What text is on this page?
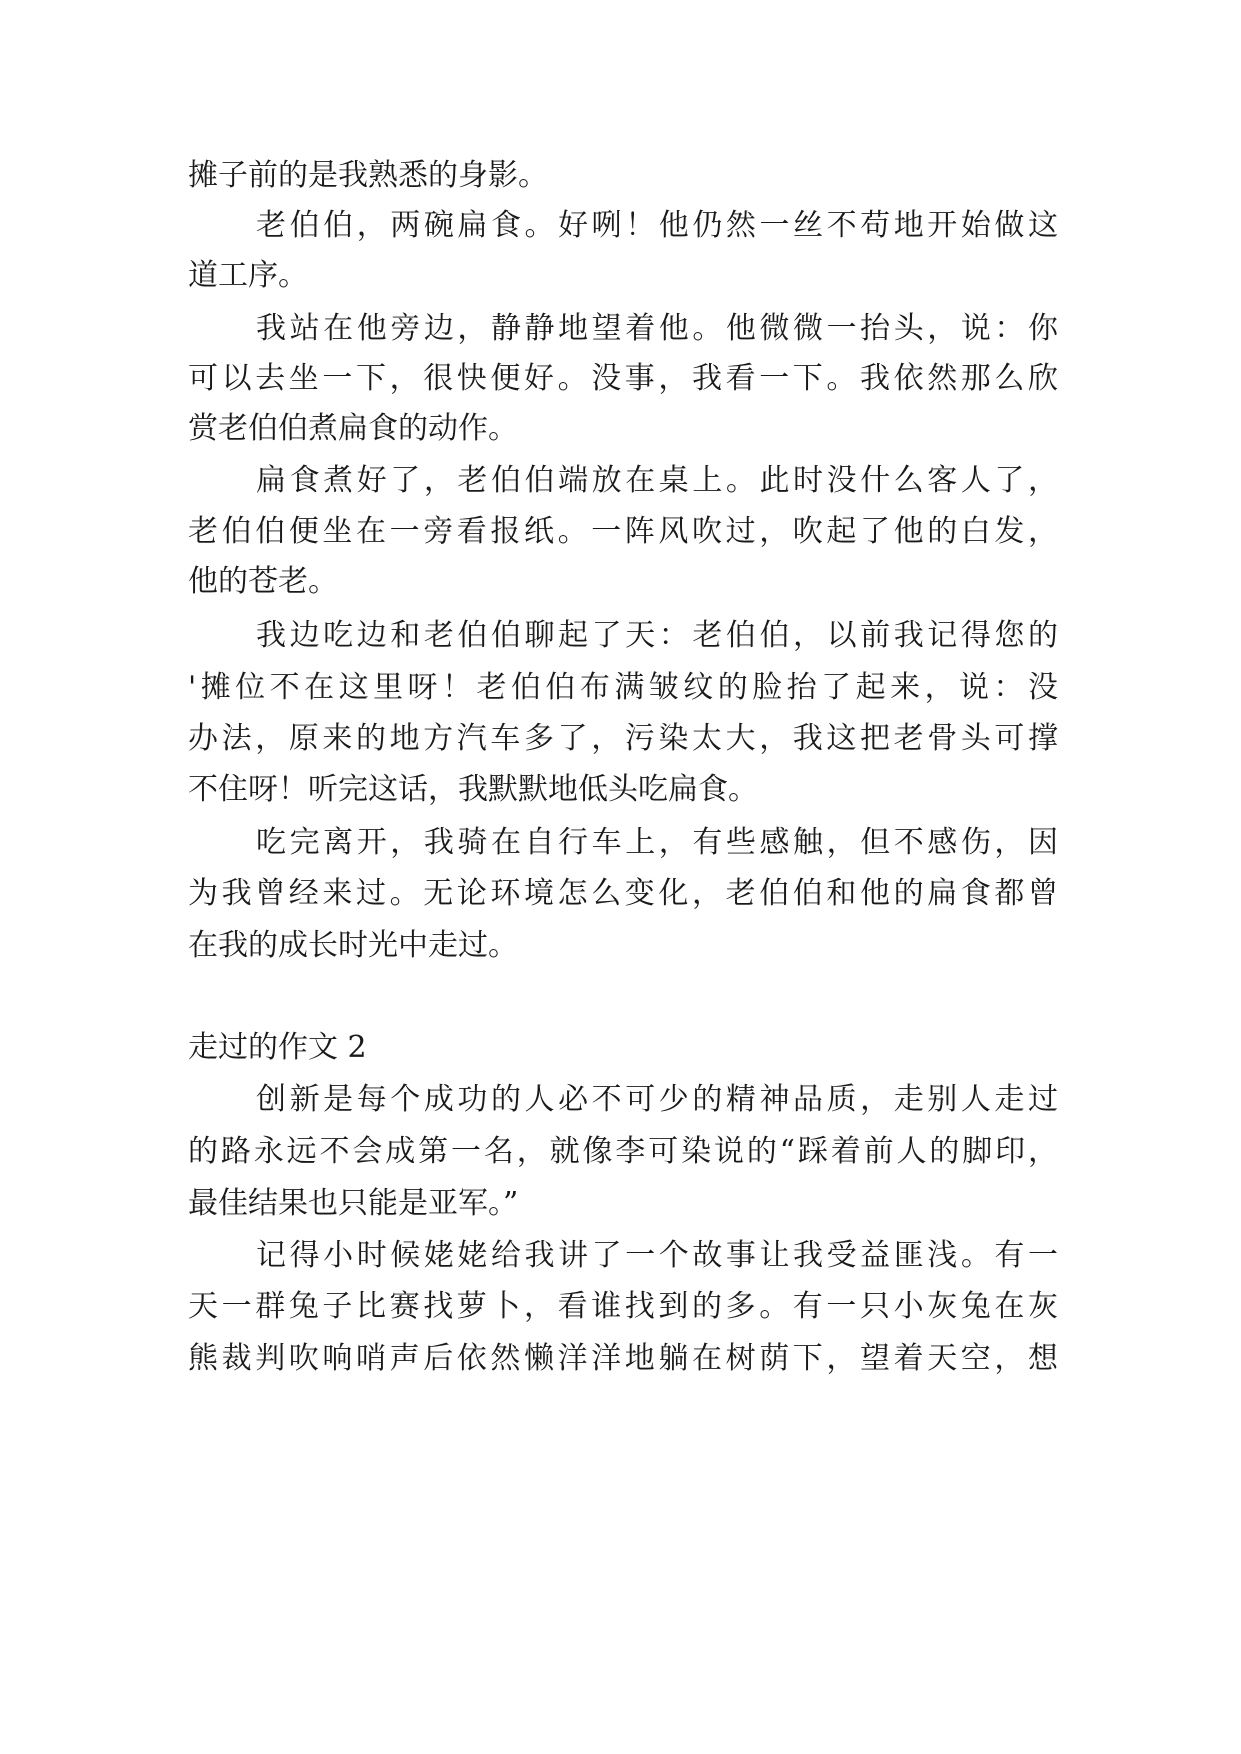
摊子前的是我熟悉的身影。
老伯伯，两碗扁食。好咧！他仍然一丝不苟地开始做这
道工序。
我站在他旁边，静静地望着他。他微微一抬头，说：你
可以去坐一下，很快便好。没事，我看一下。我依然那么欣
赏老伯伯煮扁食的动作。
扁食煮好了，老伯伯端放在桌上。此时没什么客人了，
老伯伯便坐在一旁看报纸。一阵风吹过，吹起了他的白发，
他的苍老。
我边吃边和老伯伯聊起了天：老伯伯，以前我记得您的
'摊位不在这里呀！老伯伯布满皱纹的脸抬了起来，说：没
办法，原来的地方汽车多了，污染太大，我这把老骨头可撑
不住呀！听完这话，我默默地低头吃扁食。
吃完离开，我骑在自行车上，有些感触，但不感伤，因
为我曾经来过。无论环境怎么变化，老伯伯和他的扁食都曾
在我的成长时光中走过。
走过的作文 2
创新是每个成功的人必不可少的精神品质，走别人走过
的路永远不会成第一名，就像李可染说的“踩着前人的脚印，
最佳结果也只能是亚军。”
记得小时候姥姥给我讲了一个故事让我受益匪浅。有一
天一群兔子比赛找萝卜，看谁找到的多。有一只小灰兔在灰
熊裁判吹响哨声后依然懒洋洋地躺在树荫下，望着天空，想
